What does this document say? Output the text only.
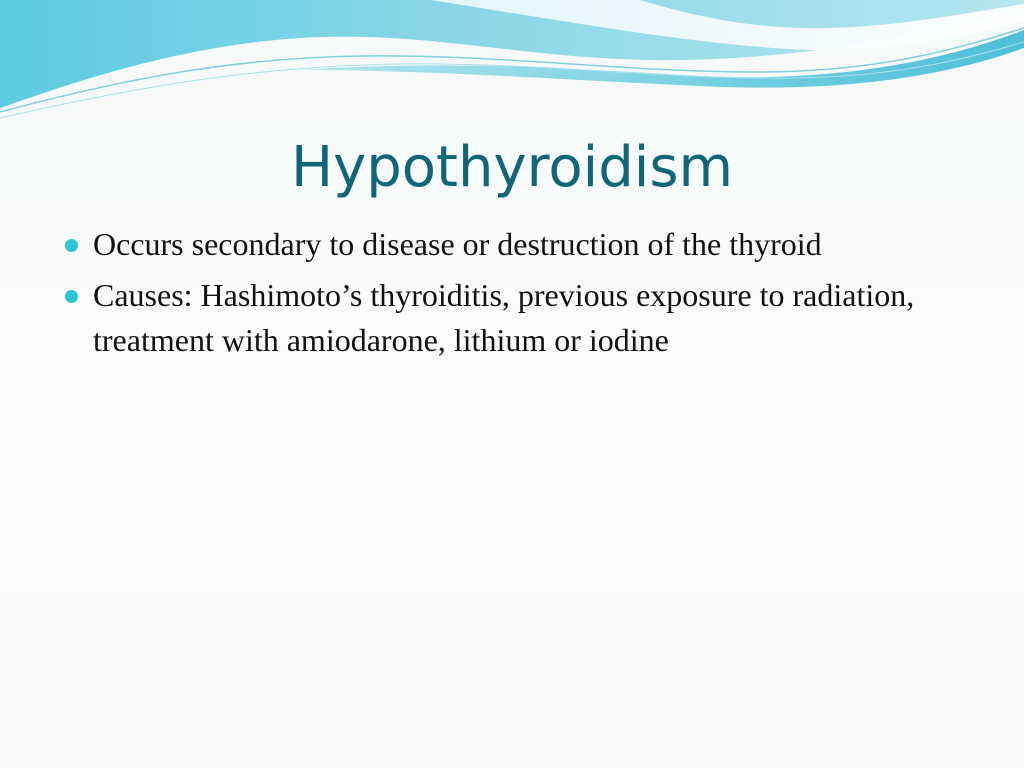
Hypothyroidism
Occurs secondary to disease or destruction of the thyroid
Causes: Hashimoto’s thyroiditis, previous exposure to radiation, treatment with amiodarone, lithium or iodine
